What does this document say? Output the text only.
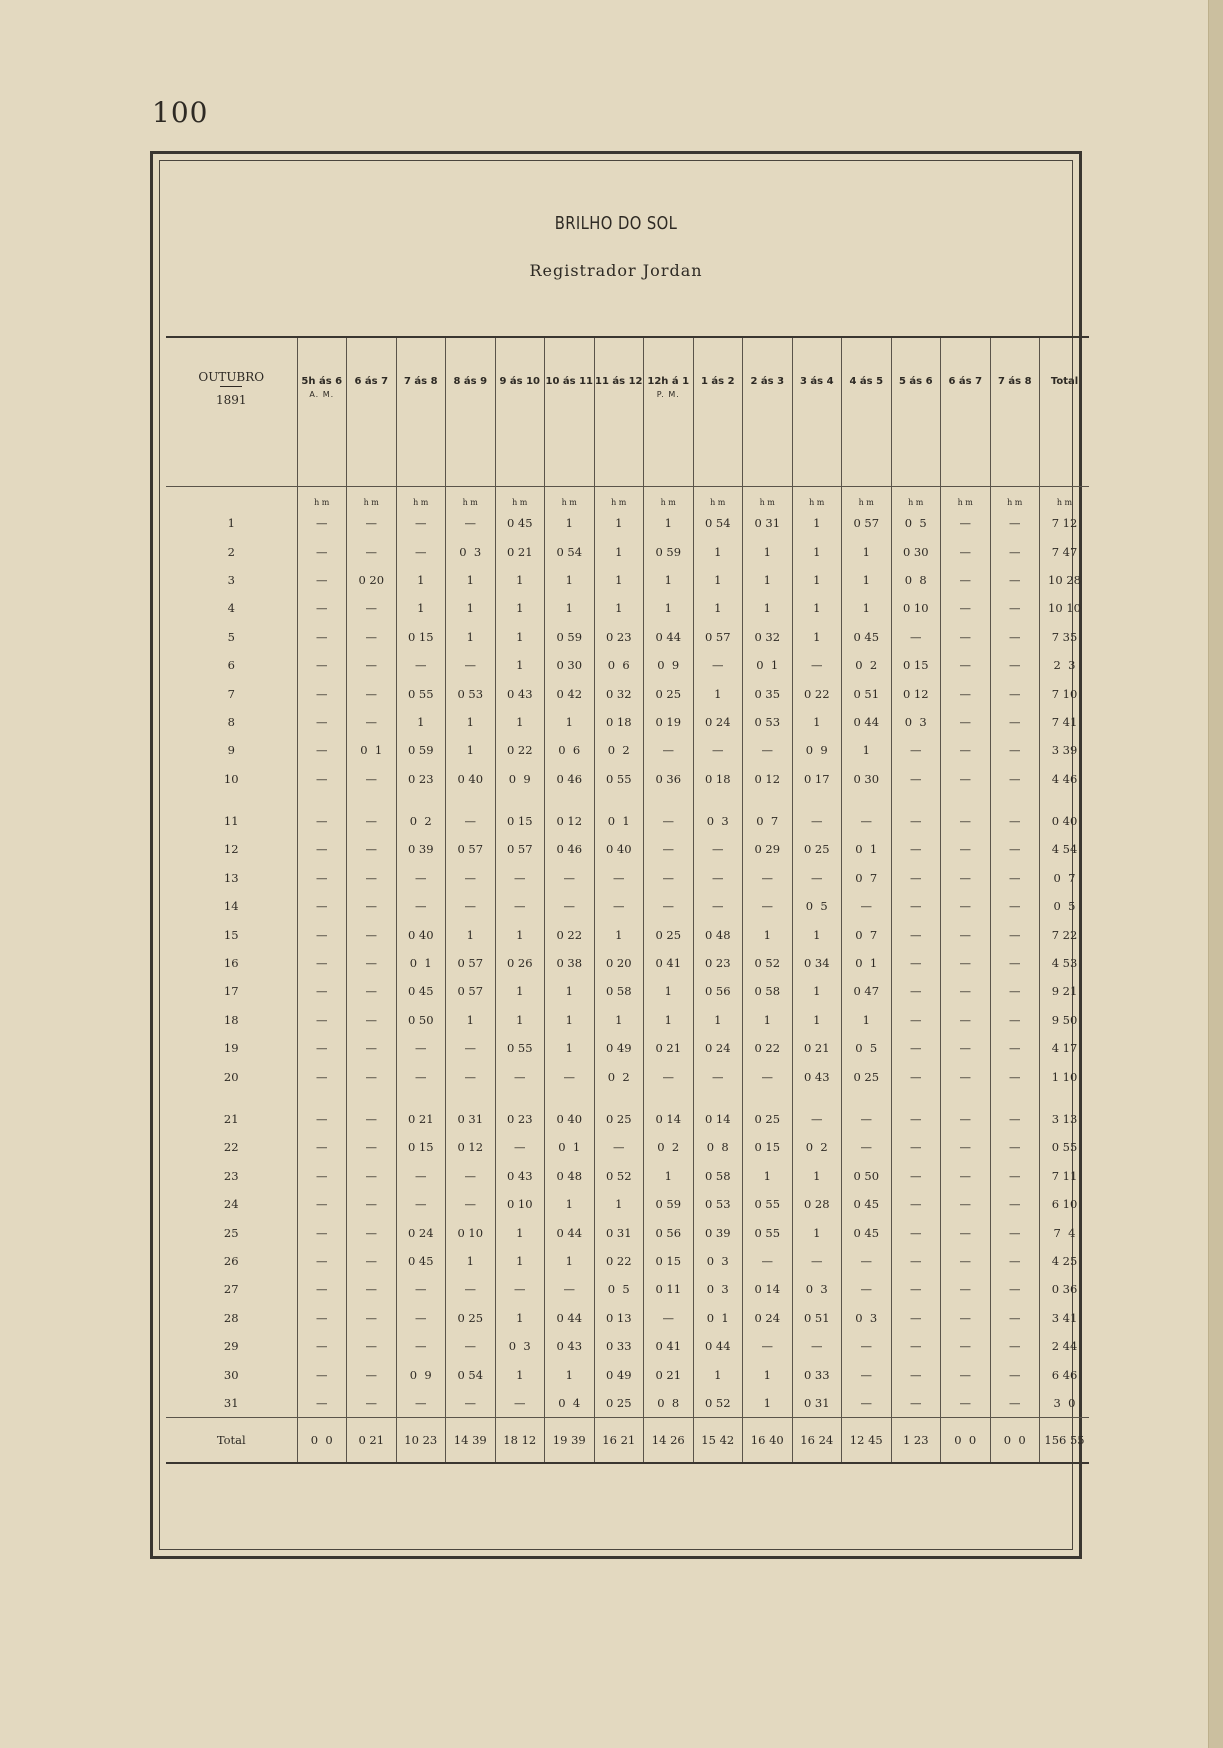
100
BRILHO DO SOL
Registrador Jordan
OUTUBRO
1891	5h ás 6
A. M.	6 ás 7	7 ás 8	8 ás 9	9 ás 10	10 ás 11	11 ás 12	12h á 1
P. M.	1 ás 2	2 ás 3	3 ás 4	4 ás 5	5 ás 6	6 ás 7	7 ás 8	Total
	h m	h m	h m	h m	h m	h m	h m	h m	h m	h m	h m	h m	h m	h m	h m	h m
1	—	—	—	—	0 45	1	1	1	0 54	0 31	1	0 57	0  5	—	—	7 12
2	—	—	—	0  3	0 21	0 54	1	0 59	1	1	1	1	0 30	—	—	7 47
3	—	0 20	1	1	1	1	1	1	1	1	1	1	0  8	—	—	10 28
4	—	—	1	1	1	1	1	1	1	1	1	1	0 10	—	—	10 10
5	—	—	0 15	1	1	0 59	0 23	0 44	0 57	0 32	1	0 45	—	—	—	7 35
6	—	—	—	—	1	0 30	0  6	0  9	—	0  1	—	0  2	0 15	—	—	2  3
7	—	—	0 55	0 53	0 43	0 42	0 32	0 25	1	0 35	0 22	0 51	0 12	—	—	7 10
8	—	—	1	1	1	1	0 18	0 19	0 24	0 53	1	0 44	0  3	—	—	7 41
9	—	0  1	0 59	1	0 22	0  6	0  2	—	—	—	0  9	1	—	—	—	3 39
10	—	—	0 23	0 40	0  9	0 46	0 55	0 36	0 18	0 12	0 17	0 30	—	—	—	4 46

11	—	—	0  2	—	0 15	0 12	0  1	—	0  3	0  7	—	—	—	—	—	0 40
12	—	—	0 39	0 57	0 57	0 46	0 40	—	—	0 29	0 25	0  1	—	—	—	4 54
13	—	—	—	—	—	—	—	—	—	—	—	0  7	—	—	—	0  7
14	—	—	—	—	—	—	—	—	—	—	0  5	—	—	—	—	0  5
15	—	—	0 40	1	1	0 22	1	0 25	0 48	1	1	0  7	—	—	—	7 22
16	—	—	0  1	0 57	0 26	0 38	0 20	0 41	0 23	0 52	0 34	0  1	—	—	—	4 53
17	—	—	0 45	0 57	1	1	0 58	1	0 56	0 58	1	0 47	—	—	—	9 21
18	—	—	0 50	1	1	1	1	1	1	1	1	1	—	—	—	9 50
19	—	—	—	—	0 55	1	0 49	0 21	0 24	0 22	0 21	0  5	—	—	—	4 17
20	—	—	—	—	—	—	0  2	—	—	—	0 43	0 25	—	—	—	1 10

21	—	—	0 21	0 31	0 23	0 40	0 25	0 14	0 14	0 25	—	—	—	—	—	3 13
22	—	—	0 15	0 12	—	0  1	—	0  2	0  8	0 15	0  2	—	—	—	—	0 55
23	—	—	—	—	0 43	0 48	0 52	1	0 58	1	1	0 50	—	—	—	7 11
24	—	—	—	—	0 10	1	1	0 59	0 53	0 55	0 28	0 45	—	—	—	6 10
25	—	—	0 24	0 10	1	0 44	0 31	0 56	0 39	0 55	1	0 45	—	—	—	7  4
26	—	—	0 45	1	1	1	0 22	0 15	0  3	—	—	—	—	—	—	4 25
27	—	—	—	—	—	—	0  5	0 11	0  3	0 14	0  3	—	—	—	—	0 36
28	—	—	—	0 25	1	0 44	0 13	—	0  1	0 24	0 51	0  3	—	—	—	3 41
29	—	—	—	—	0  3	0 43	0 33	0 41	0 44	—	—	—	—	—	—	2 44
30	—	—	0  9	0 54	1	1	0 49	0 21	1	1	0 33	—	—	—	—	6 46
31	—	—	—	—	—	0  4	0 25	0  8	0 52	1	0 31	—	—	—	—	3  0
Total	0  0	0 21	10 23	14 39	18 12	19 39	16 21	14 26	15 42	16 40	16 24	12 45	1 23	0  0	0  0	156 55
